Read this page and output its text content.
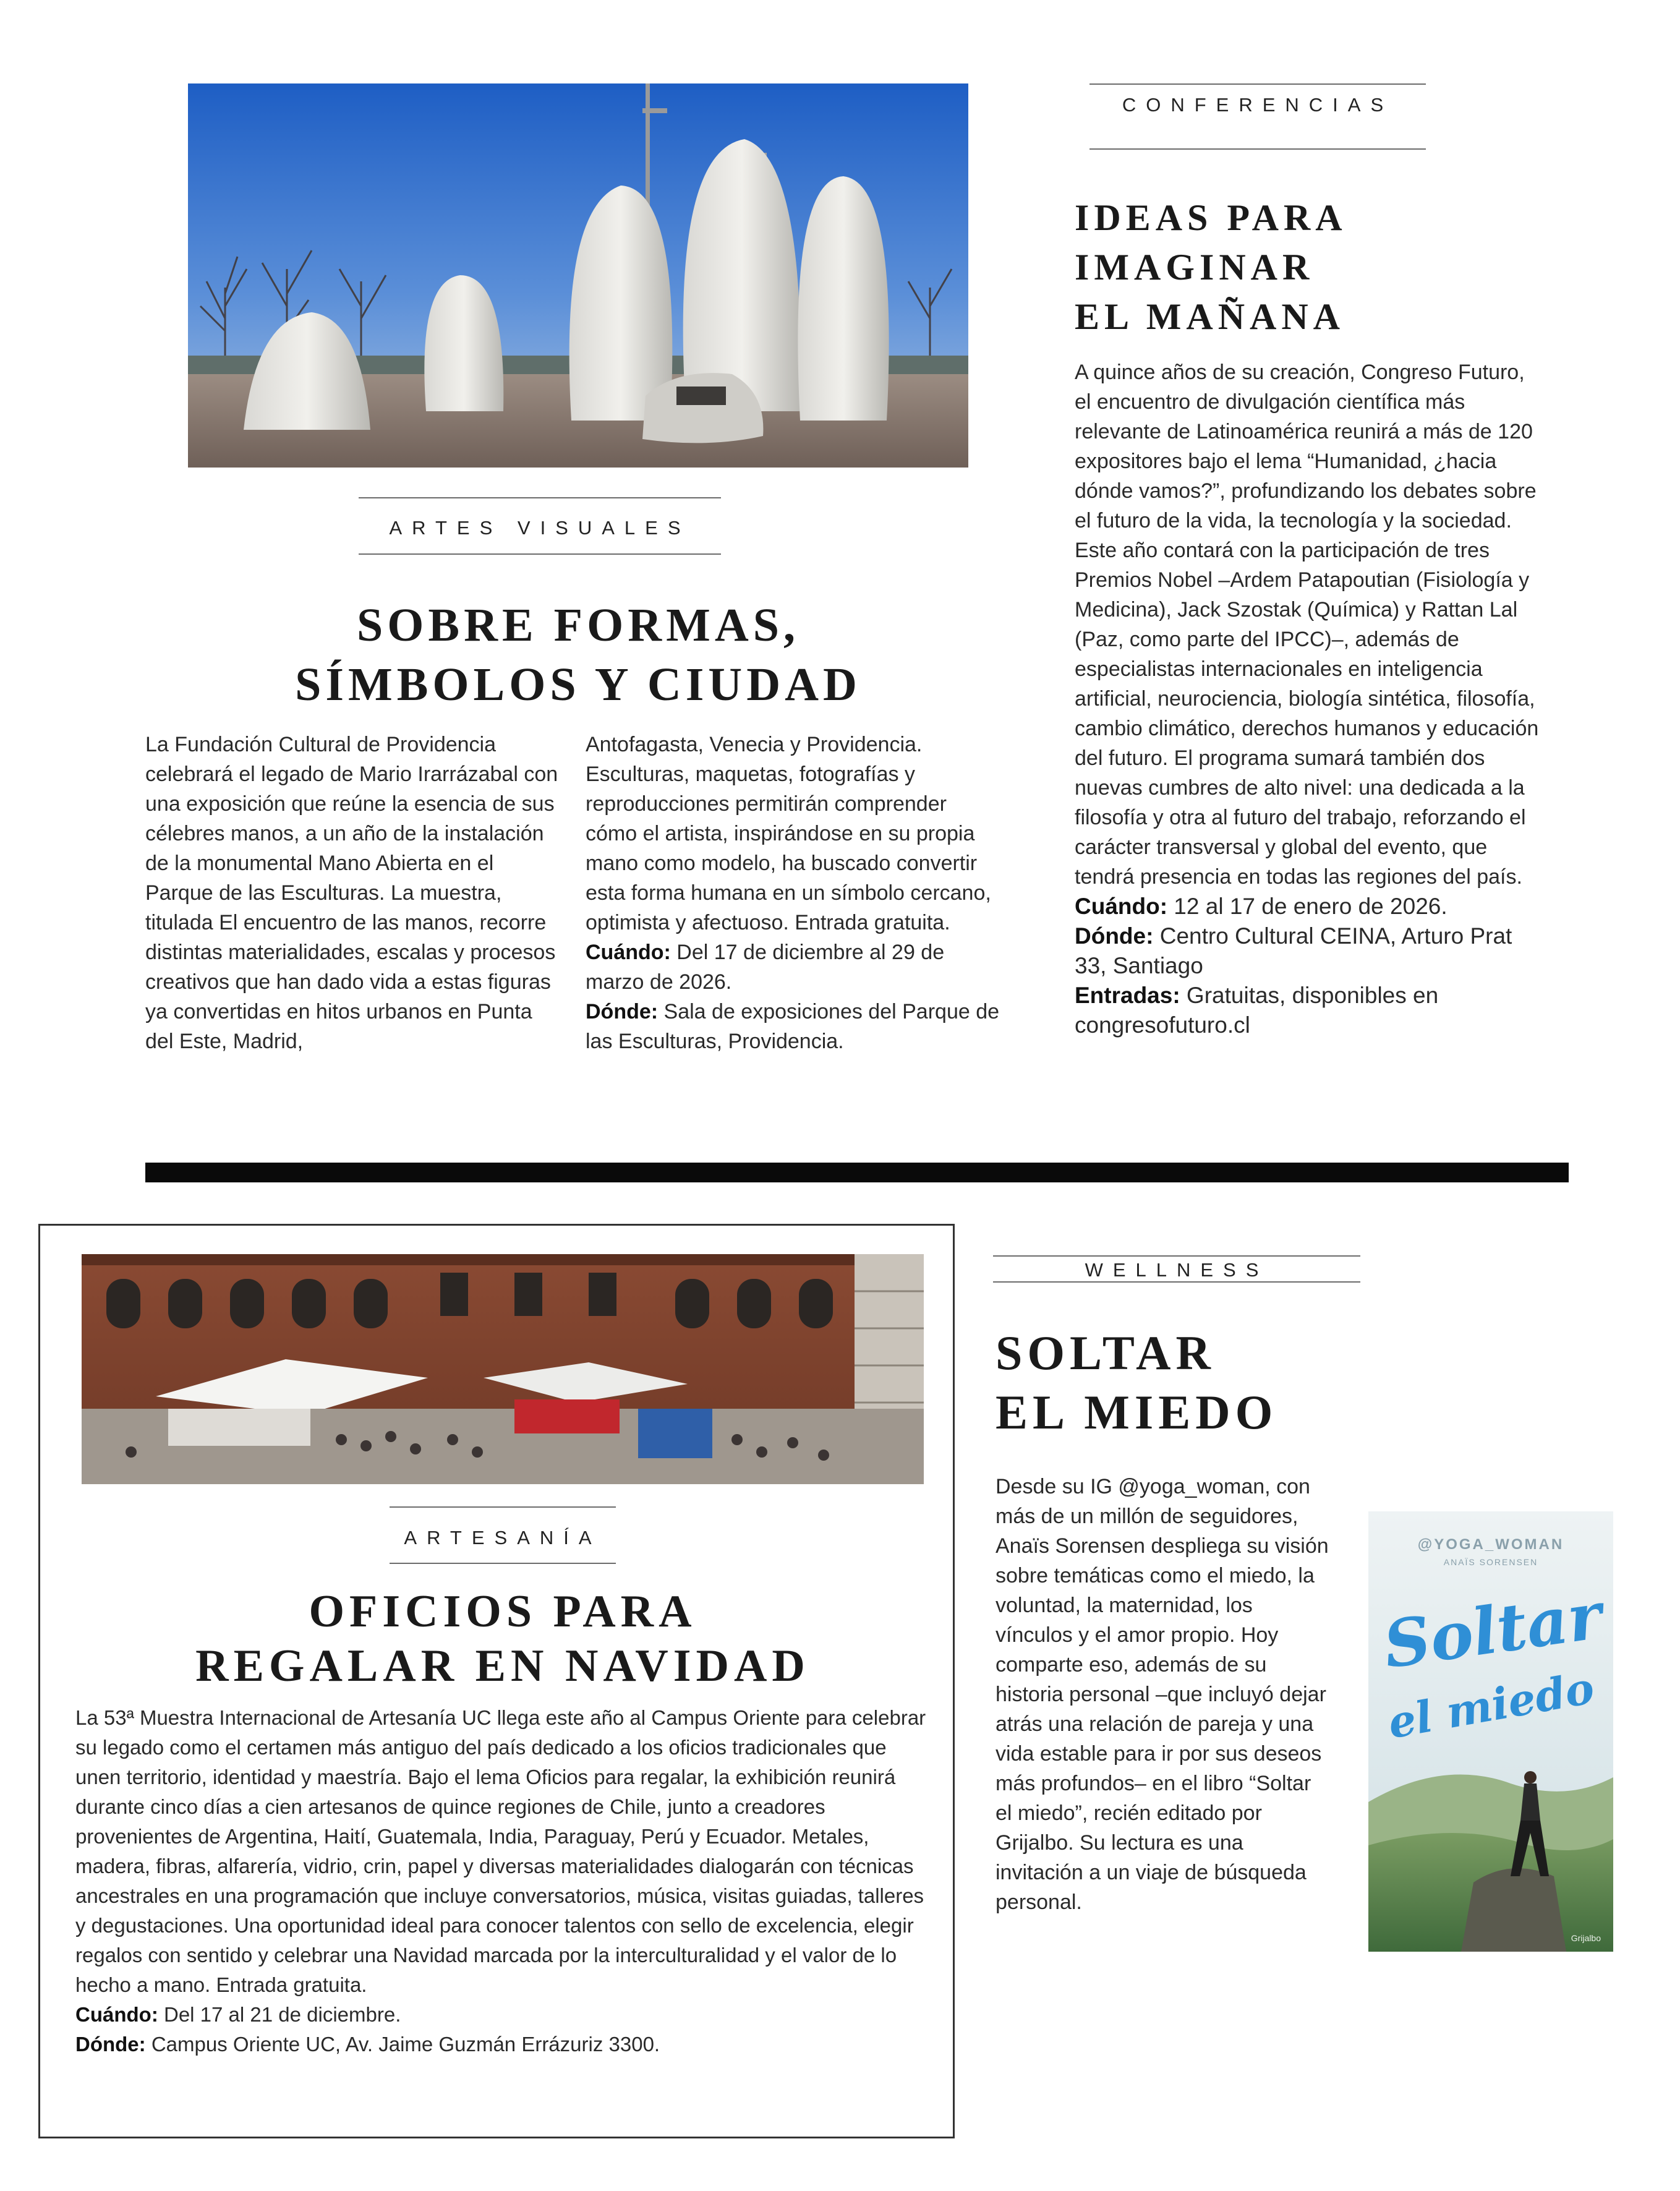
ARTES VISUALES
SOBRE FORMAS,
SÍMBOLOS Y CIUDAD

La Fundación Cultural de Providencia celebrará el legado de Mario Irarrázabal con una exposición que reúne la esencia de sus célebres manos, a un año de la instalación de la monumental Mano Abierta en el Parque de las Esculturas. La muestra, titulada El encuentro de las manos, recorre distintas materialidades, escalas y procesos creativos que han dado vida a estas figuras ya convertidas en hitos urbanos en Punta del Este, Madrid,

Antofagasta, Venecia y Providencia. Esculturas, maquetas, fotografías y reproducciones permitirán comprender cómo el artista, inspirándose en su propia mano como modelo, ha buscado convertir esta forma humana en un símbolo cercano, optimista y afectuoso. Entrada gratuita.

Cuándo: Del 17 de diciembre al 29 de marzo de 2026.

Dónde: Sala de exposiciones del Parque de las Esculturas, Providencia.

CONFERENCIAS
IDEAS PARA
IMAGINAR
EL MAÑANA

A quince años de su creación, Congreso Futuro, el encuentro de divulgación científica más relevante de Latinoamérica reunirá a más de 120 expositores bajo el lema “Humanidad, ¿hacia dónde vamos?”, profundizando los debates sobre el futuro de la vida, la tecnología y la sociedad. Este año contará con la participación de tres Premios Nobel –Ardem Patapoutian (Fisiología y Medicina), Jack Szostak (Química) y Rattan Lal (Paz, como parte del IPCC)–, además de especialistas internacionales en inteligencia artificial, neurociencia, biología sintética, filosofía, cambio climático, derechos humanos y educación del futuro. El programa sumará también dos nuevas cumbres de alto nivel: una dedicada a la filosofía y otra al futuro del trabajo, reforzando el carácter transversal y global del evento, que tendrá presencia en todas las regiones del país.

Cuándo: 12 al 17 de enero de 2026.

Dónde: Centro Cultural CEINA, Arturo Prat 33, Santiago

Entradas: Gratuitas, disponibles en congresofuturo.cl

ARTESANÍA
OFICIOS PARA
REGALAR EN NAVIDAD

La 53ª Muestra Internacional de Artesanía UC llega este año al Campus Oriente para celebrar su legado como el certamen más antiguo del país dedicado a los oficios tradicionales que unen territorio, identidad y maestría. Bajo el lema Oficios para regalar, la exhibición reunirá durante cinco días a cien artesanos de quince regiones de Chile, junto a creadores provenientes de Argentina, Haití, Guatemala, India, Paraguay, Perú y Ecuador. Metales, madera, fibras, alfarería, vidrio, crin, papel y diversas materialidades dialogarán con técnicas ancestrales en una programación que incluye conversatorios, música, visitas guiadas, talleres y degustaciones. Una oportunidad ideal para conocer talentos con sello de excelencia, elegir regalos con sentido y celebrar una Navidad marcada por la interculturalidad y el valor de lo hecho a mano. Entrada gratuita.

Cuándo: Del 17 al 21 de diciembre.

Dónde: Campus Oriente UC, Av. Jaime Guzmán Errázuriz 3300.

WELLNESS
SOLTAR
EL MIEDO

Desde su IG @yoga_woman, con más de un millón de seguidores, Anaïs Sorensen despliega su visión sobre temáticas como el miedo, la voluntad, la maternidad, los vínculos y el amor propio. Hoy comparte eso, además de su historia personal –que incluyó dejar atrás una relación de pareja y una vida estable para ir por sus deseos más profundos– en el libro “Soltar el miedo”, recién editado por Grijalbo. Su lectura es una invitación a un viaje de búsqueda personal.

@YOGA_WOMAN
ANAÏS SORENSEN
Soltar
el miedo
Grijalbo
